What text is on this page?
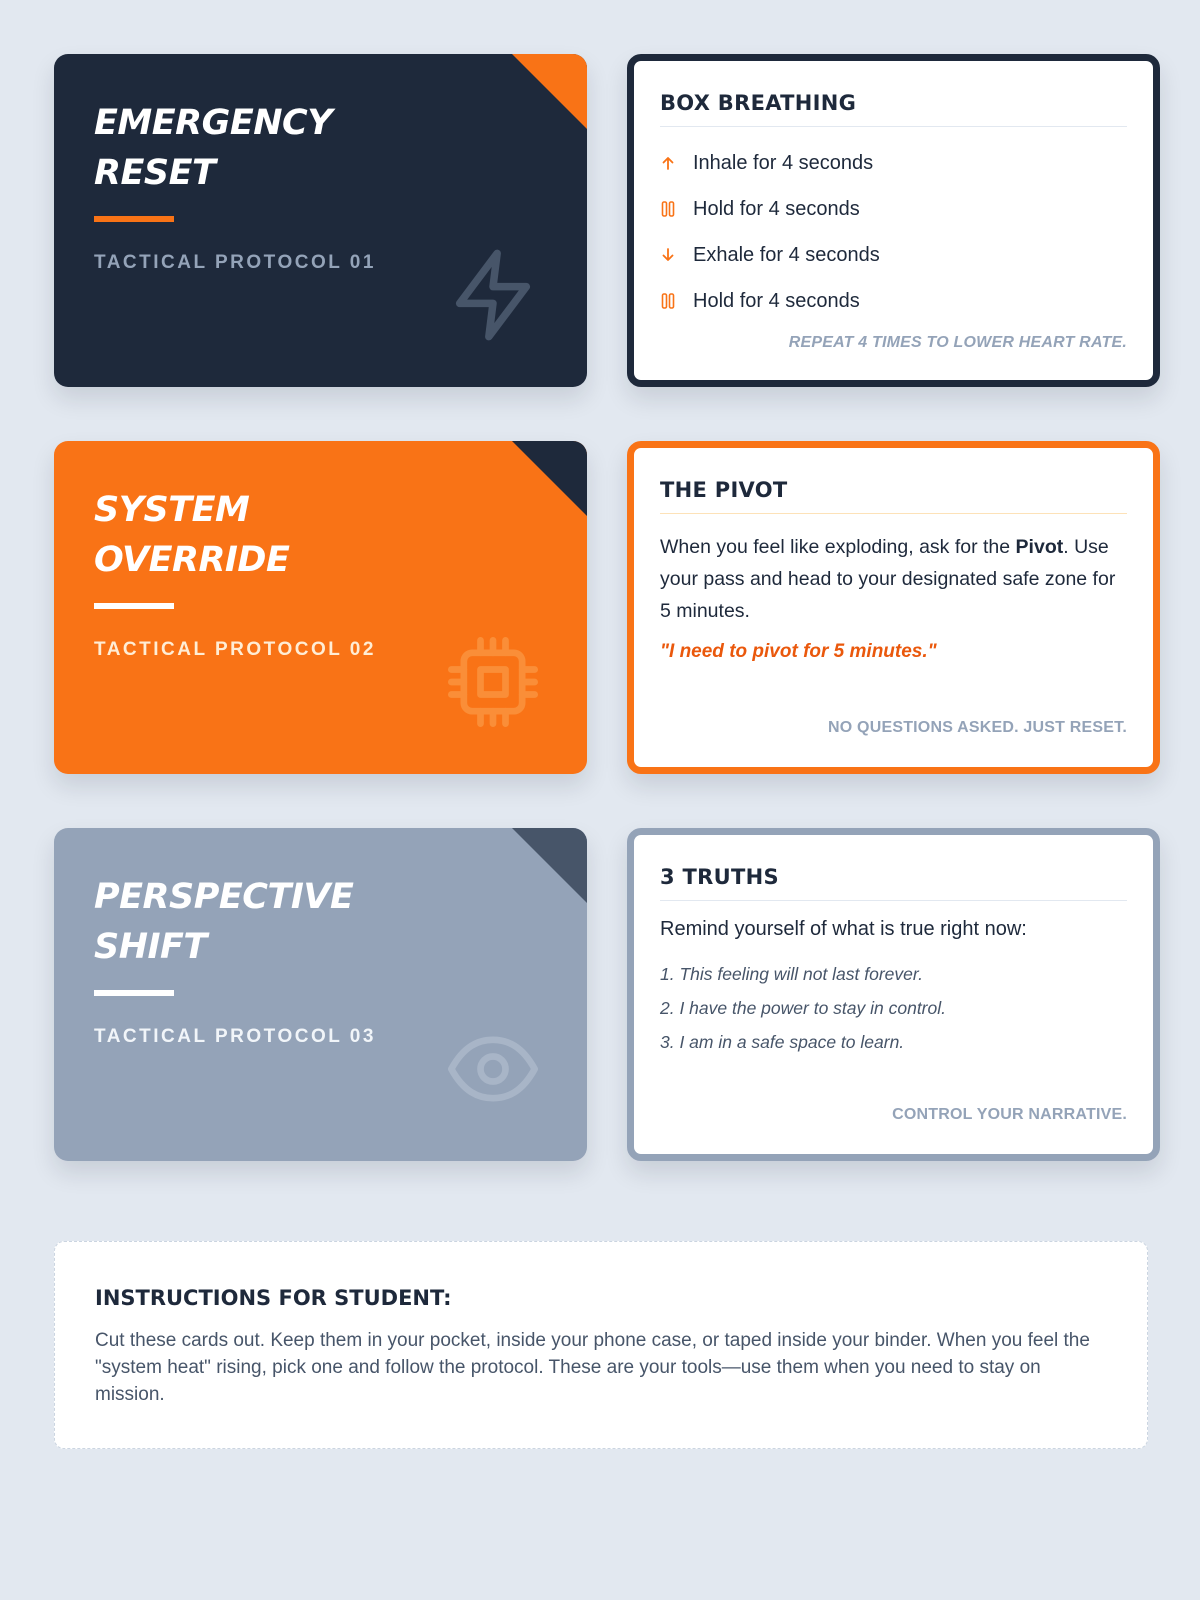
EMERGENCY
RESET
TACTICAL PROTOCOL 01
BOX BREATHING
Inhale for 4 seconds
Hold for 4 seconds
Exhale for 4 seconds
Hold for 4 seconds
REPEAT 4 TIMES TO LOWER HEART RATE.
SYSTEM
OVERRIDE
TACTICAL PROTOCOL 02
THE PIVOT

When you feel like exploding, ask for the Pivot. Use your pass and head to your designated safe zone for 5 minutes.

"I need to pivot for 5 minutes."

NO QUESTIONS ASKED. JUST RESET.
PERSPECTIVE
SHIFT
TACTICAL PROTOCOL 03
3 TRUTHS

Remind yourself of what is true right now:

1. This feeling will not last forever.
2. I have the power to stay in control.
3. I am in a safe space to learn.
CONTROL YOUR NARRATIVE.
INSTRUCTIONS FOR STUDENT:

Cut these cards out. Keep them in your pocket, inside your phone case, or taped inside your binder. When you feel the "system heat" rising, pick one and follow the protocol. These are your tools—use them when you need to stay on mission.
